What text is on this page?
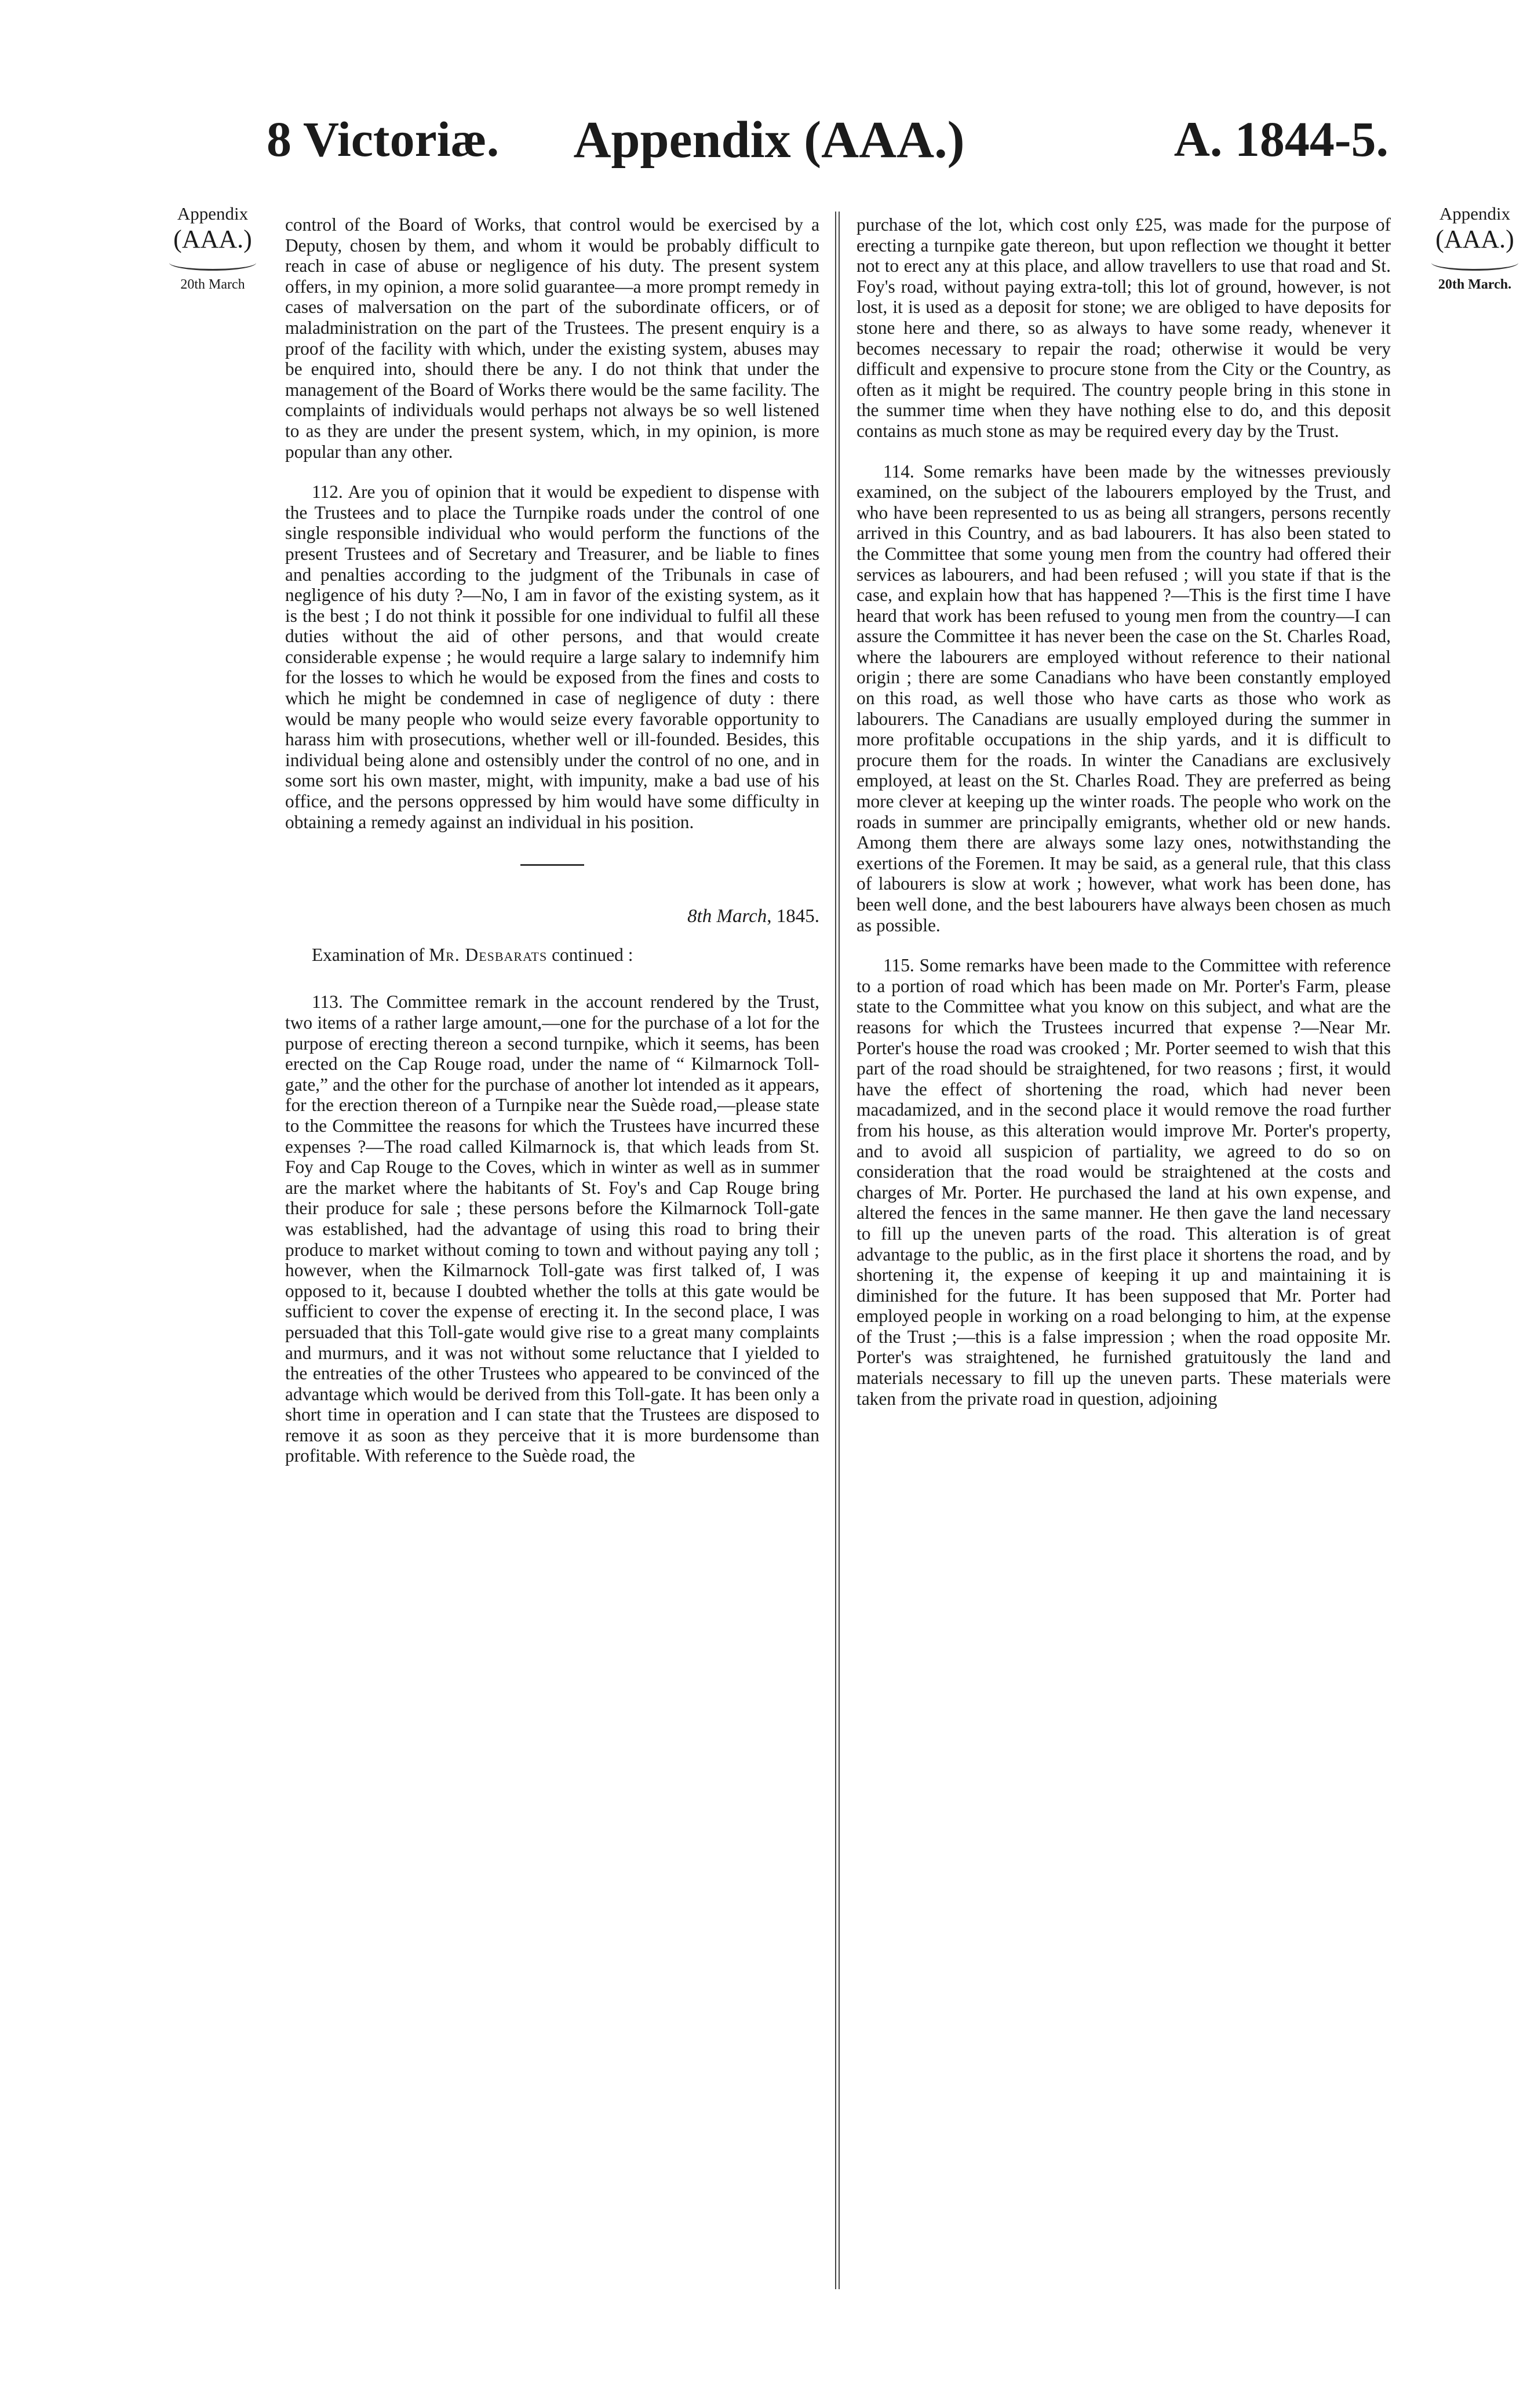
8 Victoriæ.	Appendix (AAA.)	A. 1844-5.
Appendix
(AAA.)
20th March
Appendix
(AAA.)
20th March.

control of the Board of Works, that control would be exercised by a Deputy, chosen by them, and whom it would be probably difficult to reach in case of abuse or negligence of his duty. The present system offers, in my opinion, a more solid guarantee—a more prompt remedy in cases of malversation on the part of the subordinate officers, or of maladministration on the part of the Trustees. The present enquiry is a proof of the facility with which, under the existing system, abuses may be enquired into, should there be any. I do not think that under the management of the Board of Works there would be the same facility. The complaints of individuals would perhaps not always be so well listened to as they are under the present system, which, in my opinion, is more popular than any other.

112. Are you of opinion that it would be expedient to dispense with the Trustees and to place the Turnpike roads under the control of one single responsible individual who would perform the functions of the present Trustees and of Secretary and Treasurer, and be liable to fines and penalties according to the judgment of the Tribunals in case of negligence of his duty ?—No, I am in favor of the existing system, as it is the best ; I do not think it possible for one individual to fulfil all these duties without the aid of other persons, and that would create considerable expense ; he would require a large salary to indemnify him for the losses to which he would be exposed from the fines and costs to which he might be condemned in case of negligence of duty : there would be many people who would seize every favorable opportunity to harass him with prosecutions, whether well or ill-founded. Besides, this individual being alone and ostensibly under the control of no one, and in some sort his own master, might, with impunity, make a bad use of his office, and the persons oppressed by him would have some difficulty in obtaining a remedy against an individual in his position.

8th March, 1845.
Examination of Mr. Desbarats continued :

113. The Committee remark in the account rendered by the Trust, two items of a rather large amount,—one for the purchase of a lot for the purpose of erecting thereon a second turnpike, which it seems, has been erected on the Cap Rouge road, under the name of “ Kilmarnock Toll-gate,” and the other for the purchase of another lot intended as it appears, for the erection thereon of a Turnpike near the Suède road,—please state to the Committee the reasons for which the Trustees have incurred these expenses ?—The road called Kilmarnock is, that which leads from St. Foy and Cap Rouge to the Coves, which in winter as well as in summer are the market where the habitants of St. Foy's and Cap Rouge bring their produce for sale ; these persons before the Kilmarnock Toll-gate was established, had the advantage of using this road to bring their produce to market without coming to town and without paying any toll ; however, when the Kilmarnock Toll-gate was first talked of, I was opposed to it, because I doubted whether the tolls at this gate would be sufficient to cover the expense of erecting it. In the second place, I was persuaded that this Toll-gate would give rise to a great many complaints and murmurs, and it was not without some reluctance that I yielded to the entreaties of the other Trustees who appeared to be convinced of the advantage which would be derived from this Toll-gate. It has been only a short time in operation and I can state that the Trustees are disposed to remove it as soon as they perceive that it is more burdensome than profitable. With reference to the Suède road, the

purchase of the lot, which cost only £25, was made for the purpose of erecting a turnpike gate thereon, but upon reflection we thought it better not to erect any at this place, and allow travellers to use that road and St. Foy's road, without paying extra-toll; this lot of ground, however, is not lost, it is used as a deposit for stone; we are obliged to have deposits for stone here and there, so as always to have some ready, whenever it becomes necessary to repair the road; otherwise it would be very difficult and expensive to procure stone from the City or the Country, as often as it might be required. The country people bring in this stone in the summer time when they have nothing else to do, and this deposit contains as much stone as may be required every day by the Trust.

114. Some remarks have been made by the witnesses previously examined, on the subject of the labourers employed by the Trust, and who have been represented to us as being all strangers, persons recently arrived in this Country, and as bad labourers. It has also been stated to the Committee that some young men from the country had offered their services as labourers, and had been refused ; will you state if that is the case, and explain how that has happened ?—This is the first time I have heard that work has been refused to young men from the country—I can assure the Committee it has never been the case on the St. Charles Road, where the labourers are employed without reference to their national origin ; there are some Canadians who have been constantly employed on this road, as well those who have carts as those who work as labourers. The Canadians are usually employed during the summer in more profitable occupations in the ship yards, and it is difficult to procure them for the roads. In winter the Canadians are exclusively employed, at least on the St. Charles Road. They are preferred as being more clever at keeping up the winter roads. The people who work on the roads in summer are principally emigrants, whether old or new hands. Among them there are always some lazy ones, notwithstanding the exertions of the Foremen. It may be said, as a general rule, that this class of labourers is slow at work ; however, what work has been done, has been well done, and the best labourers have always been chosen as much as possible.

115. Some remarks have been made to the Committee with reference to a portion of road which has been made on Mr. Porter's Farm, please state to the Committee what you know on this subject, and what are the reasons for which the Trustees incurred that expense ?—Near Mr. Porter's house the road was crooked ; Mr. Porter seemed to wish that this part of the road should be straightened, for two reasons ; first, it would have the effect of shortening the road, which had never been macadamized, and in the second place it would remove the road further from his house, as this alteration would improve Mr. Porter's property, and to avoid all suspicion of partiality, we agreed to do so on consideration that the road would be straightened at the costs and charges of Mr. Porter. He purchased the land at his own expense, and altered the fences in the same manner. He then gave the land necessary to fill up the uneven parts of the road. This alteration is of great advantage to the public, as in the first place it shortens the road, and by shortening it, the expense of keeping it up and maintaining it is diminished for the future. It has been supposed that Mr. Porter had employed people in working on a road belonging to him, at the expense of the Trust ;—this is a false impression ; when the road opposite Mr. Porter's was straightened, he furnished gratuitously the land and materials necessary to fill up the uneven parts. These materials were taken from the private road in question, adjoining
